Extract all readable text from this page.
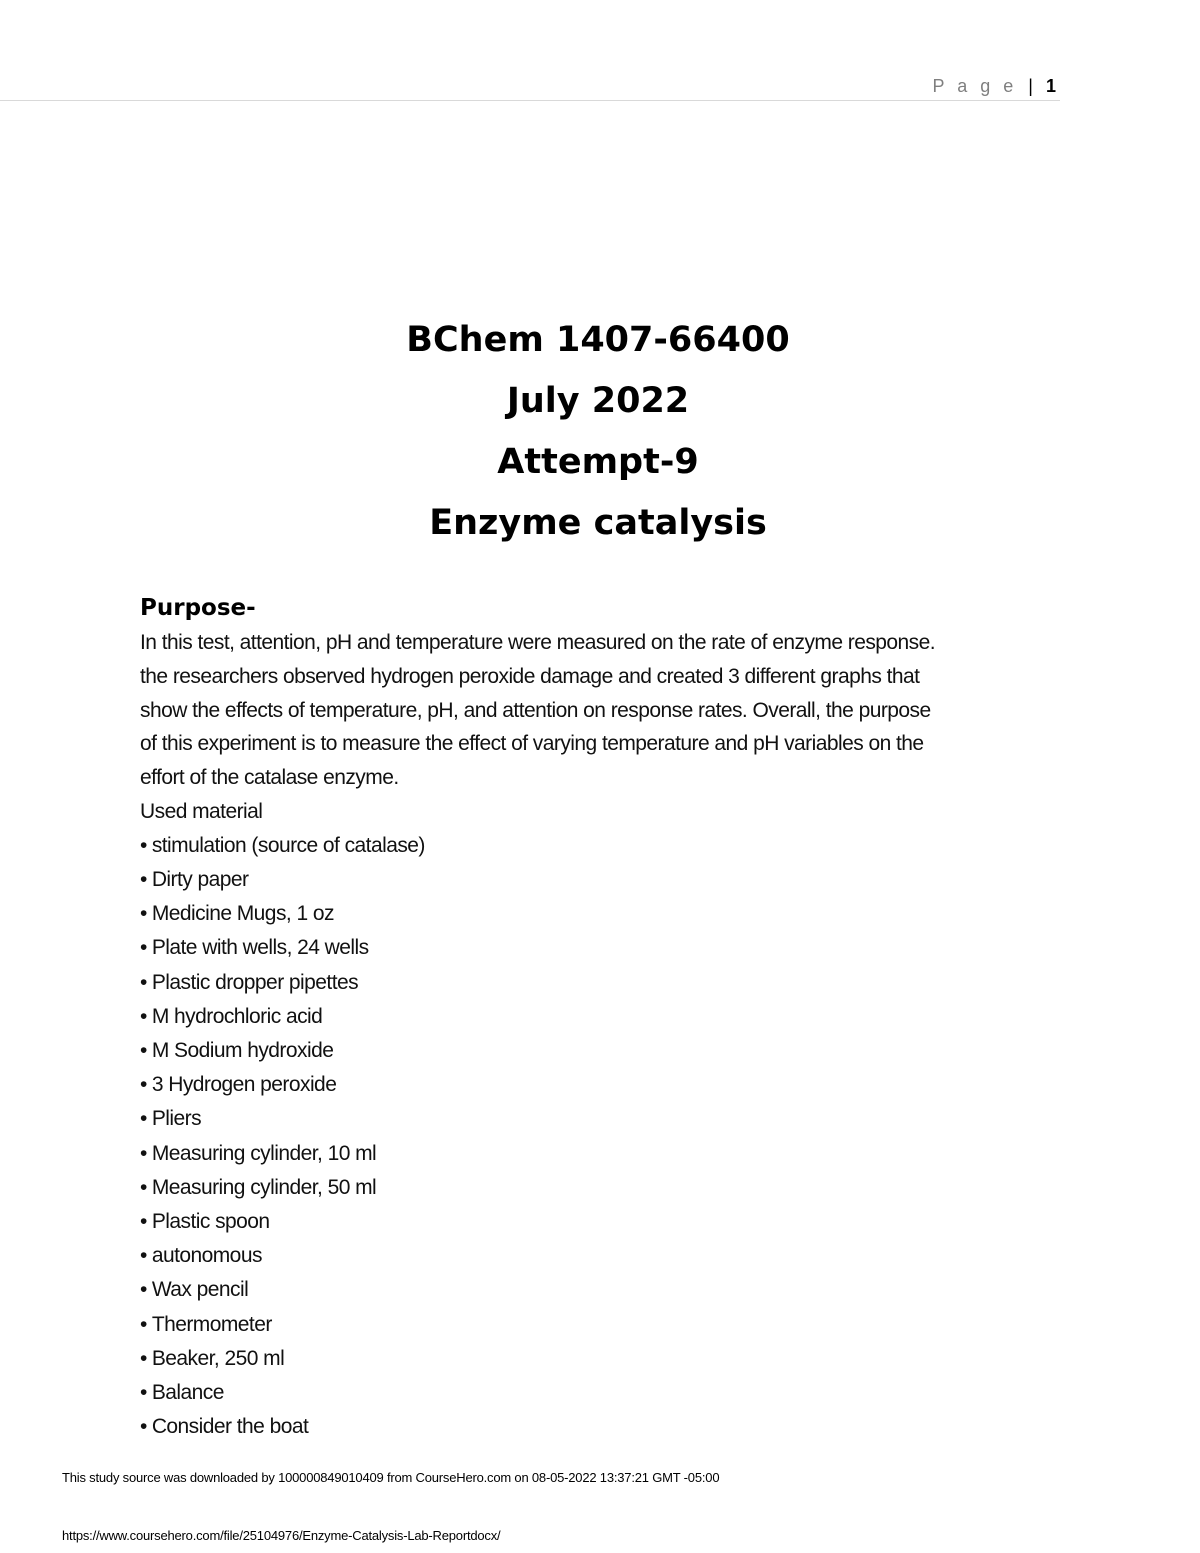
P a g e | 1

BChem 1407-66400

July 2022

Attempt-9

Enzyme catalysis

Purpose-

In this test, attention, pH and temperature were measured on the rate of enzyme response.

the researchers observed hydrogen peroxide damage and created 3 different graphs that

show the effects of temperature, pH, and attention on response rates. Overall, the purpose

of this experiment is to measure the effect of varying temperature and pH variables on the

effort of the catalase enzyme.

Used material

• stimulation (source of catalase)
• Dirty paper
• Medicine Mugs, 1 oz
• Plate with wells, 24 wells
• Plastic dropper pipettes
• M hydrochloric acid
• M Sodium hydroxide
• 3 Hydrogen peroxide
• Pliers
• Measuring cylinder, 10 ml
• Measuring cylinder, 50 ml
• Plastic spoon
• autonomous
• Wax pencil
• Thermometer
• Beaker, 250 ml
• Balance
• Consider the boat
This study source was downloaded by 100000849010409 from CourseHero.com on 08-05-2022 13:37:21 GMT -05:00
https://www.coursehero.com/file/25104976/Enzyme-Catalysis-Lab-Reportdocx/
